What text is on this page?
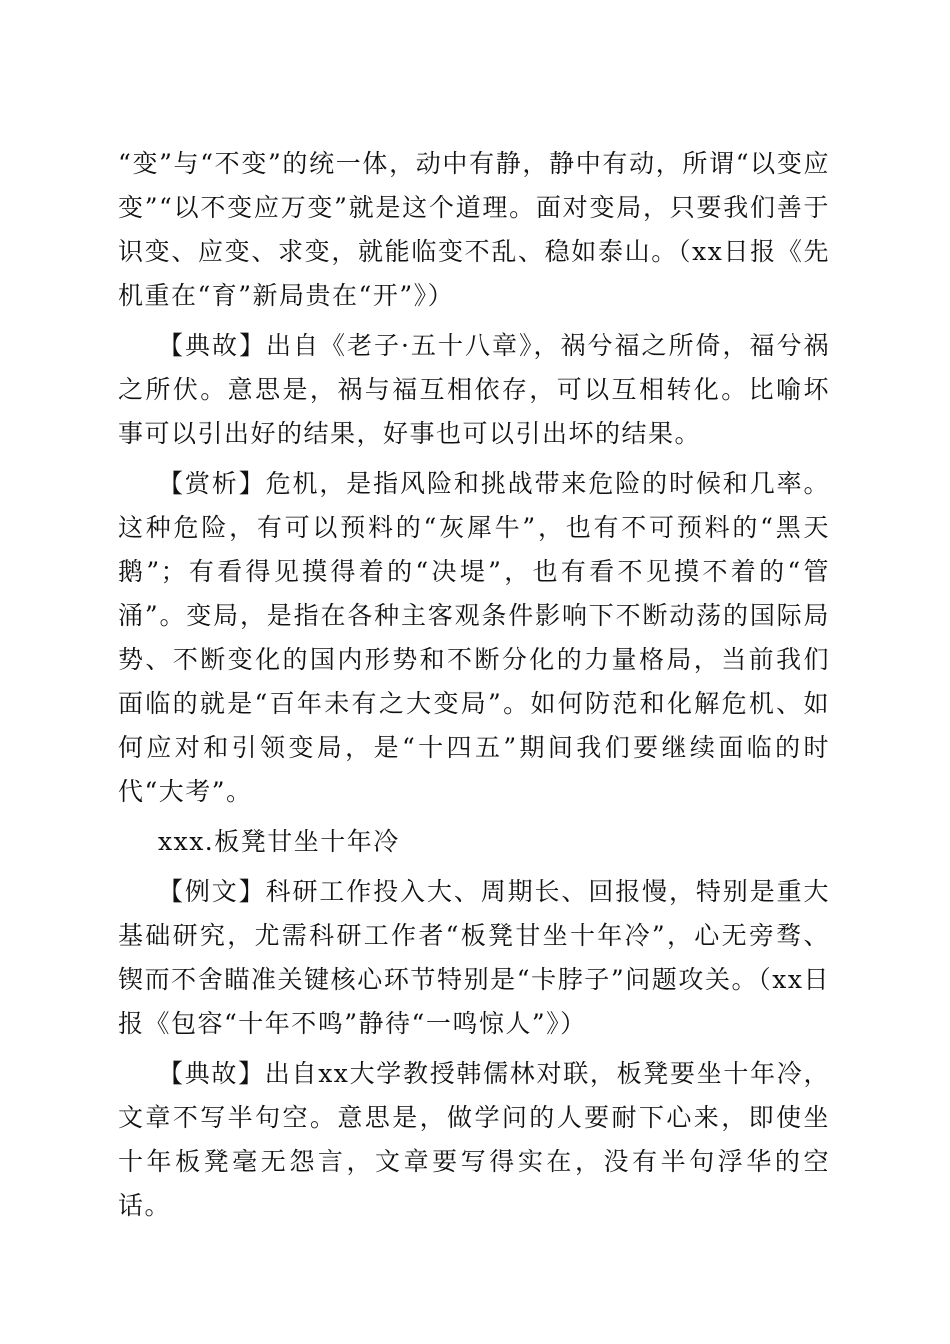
“变”与“不变”的统一体，动中有静，静中有动，所谓“以变应变”“以不变应万变”就是这个道理。面对变局，只要我们善于识变、应变、求变，就能临变不乱、稳如泰山。（xx日报《先机重在“育”新局贵在“开”》）

【典故】出自《老子·五十八章》，祸兮福之所倚，福兮祸之所伏。意思是，祸与福互相依存，可以互相转化。比喻坏事可以引出好的结果，好事也可以引出坏的结果。

【赏析】危机，是指风险和挑战带来危险的时候和几率。这种危险，有可以预料的“灰犀牛”，也有不可预料的“黑天鹅”；有看得见摸得着的“决堤”，也有看不见摸不着的“管涌”。变局，是指在各种主客观条件影响下不断动荡的国际局势、不断变化的国内形势和不断分化的力量格局，当前我们面临的就是“百年未有之大变局”。如何防范和化解危机、如何应对和引领变局，是“十四五”期间我们要继续面临的时代“大考”。

xxx.板凳甘坐十年冷

【例文】科研工作投入大、周期长、回报慢，特别是重大基础研究，尤需科研工作者“板凳甘坐十年冷”，心无旁骛、锲而不舍瞄准关键核心环节特别是“卡脖子”问题攻关。（xx日报《包容“十年不鸣”静待“一鸣惊人”》）

【典故】出自xx大学教授韩儒林对联，板凳要坐十年冷，文章不写半句空。意思是，做学问的人要耐下心来，即使坐十年板凳毫无怨言，文章要写得实在，没有半句浮华的空话。
